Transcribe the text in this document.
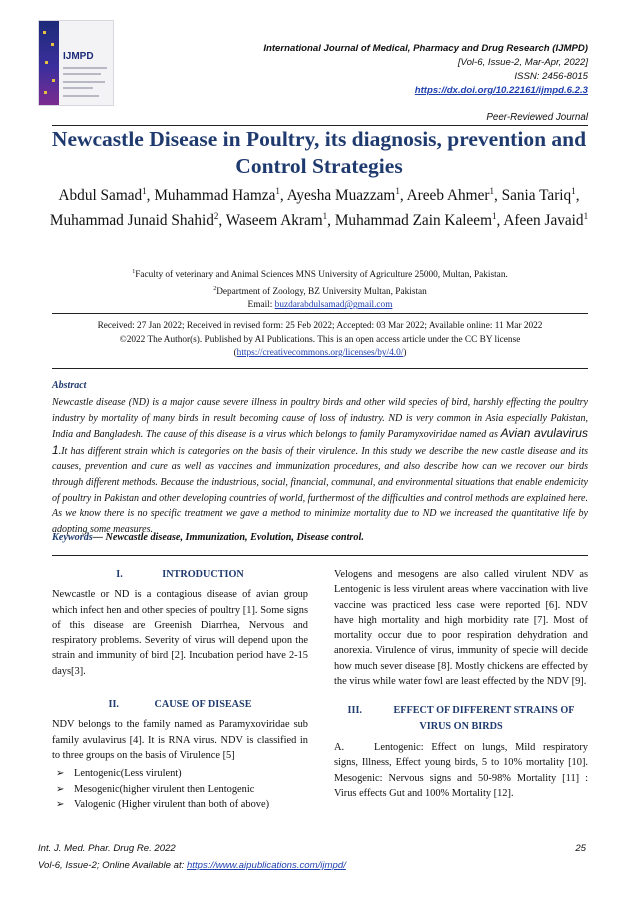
IJMPD
International Journal of Medical, Pharmacy and Drug Research (IJMPD)
[Vol-6, Issue-2, Mar-Apr, 2022]
ISSN: 2456-8015
https://dx.doi.org/10.22161/ijmpd.6.2.3
Peer-Reviewed Journal
Newcastle Disease in Poultry, its diagnosis, prevention and Control Strategies
Abdul Samad$^1$, Muhammad Hamza$^1$, Ayesha Muazzam$^1$, Areeb Ahmer$^1$, Sania Tariq$^1$,
Muhammad Junaid Shahid$^2$, Waseem Akram$^1$, Muhammad Zain Kaleem$^1$, Afeen Javaid$^1$
$^1$Faculty of veterinary and Animal Sciences MNS University of Agriculture 25000, Multan, Pakistan.
$^2$Department of Zoology, BZ University Multan, Pakistan
Email: buzdarabdulsamad@gmail.com
Received: 27 Jan 2022; Received in revised form: 25 Feb 2022; Accepted: 03 Mar 2022; Available online: 11 Mar 2022
©2022 The Author(s). Published by AI Publications. This is an open access article under the CC BY license
(https://creativecommons.org/licenses/by/4.0/)
Abstract
Newcastle disease (ND) is a major cause severe illness in poultry birds and other wild species of bird, harshly effecting the poultry industry by mortality of many birds in result becoming cause of loss of industry. ND is very common in Asia especially Pakistan, India and Bangladesh. The cause of this disease is a virus which belongs to family Paramyxoviridae named as Avian avulavirus 1.It has different strain which is categories on the basis of their virulence. In this study we describe the new castle disease and its causes, prevention and cure as well as vaccines and immunization procedures, and also describe how can we recover our birds through different methods. Because the industrious, social, financial, communal, and environmental situations that enable endemicity of poultry in Pakistan and other developing countries of world, furthermost of the difficulties and control methods are explained here. As we know there is no specific treatment we gave a method to minimize mortality due to ND we increased the quantitative life by adopting some measures.
Keywords— Newcastle disease, Immunization, Evolution, Disease control.
I.	INTRODUCTION

Newcastle or ND is a contagious disease of avian group which infect hen and other species of poultry [1]. Some signs of this disease are Greenish Diarrhea, Nervous and respiratory problems. Severity of virus will depend upon the strain and immunity of bird [2]. Incubation period have 2-15 days[3].

II.	CAUSE OF DISEASE

NDV belongs to the family named as Paramyxoviridae sub family avulavirus [4]. It is RNA virus. NDV is classified in to three groups on the basis of Virulence [5]

➢ Lentogenic(Less virulent)
➢ Mesogenic(higher virulent then Lentogenic
➢ Valogenic (Higher virulent than both of above)

Velogens and mesogens are also called virulent NDV as Lentogenic is less virulent areas where vaccination with live vaccine was practiced less case were reported [6]. NDV have high mortality and high morbidity rate [7]. Most of mortality occur due to poor respiration dehydration and anorexia. Virulence of virus, immunity of specie will decide how much sever disease [8]. Mostly chickens are effected by the virus while water fowl are least effected by the NDV [9].

III.	EFFECT OF DIFFERENT STRAINS OF
VIRUS ON BIRDS

A.	Lentogenic: Effect on lungs, Mild respiratory signs, Illness, Effect young birds, 5 to 10% mortality [10]. Mesogenic: Nervous signs and 50-98% Mortality [11] : Virus effects Gut and 100% Mortality [12].

Int. J. Med. Phar. Drug Re. 2022
Vol-6, Issue-2; Online Available at: https://www.aipublications.com/ijmpd/
25
